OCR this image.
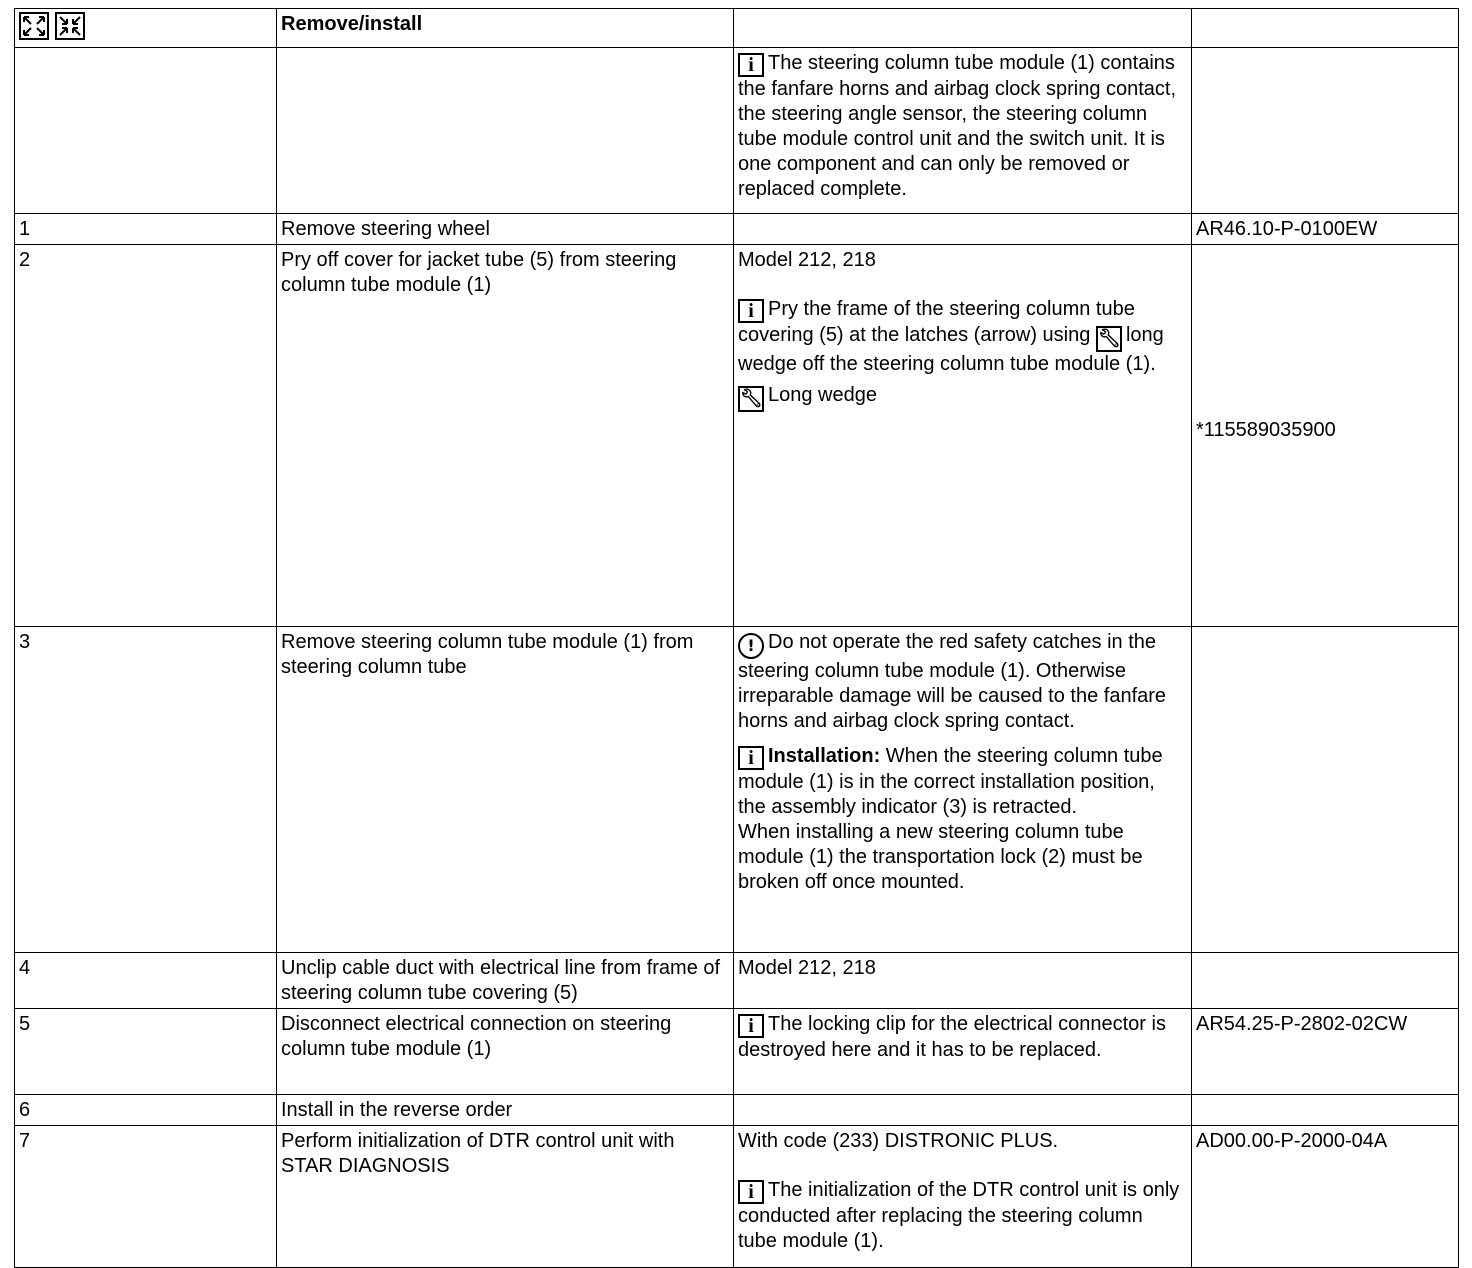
	Remove/install		

		i The steering column tube module (1) contains the fanfare horns and airbag clock spring contact, the steering angle sensor, the steering column tube module control unit and the switch unit. It is one component and can only be removed or replaced complete.	

1	Remove steering wheel		AR46.10-P-0100EW
2	Pry off cover for jacket tube (5) from steering column tube module (1)	Model 212, 218

i Pry the frame of the steering column tube covering (5) at the latches (arrow) using 🔧︎ long wedge off the steering column tube module (1).

🔧︎ Long wedge	*115589035900
3	Remove steering column tube module (1) from steering column tube	! Do not operate the red safety catches in the steering column tube module (1). Otherwise irreparable damage will be caused to the fanfare horns and airbag clock spring contact.

i Installation: When the steering column tube module (1) is in the correct installation position, the assembly indicator (3) is retracted.

When installing a new steering column tube module (1) the transportation lock (2) must be broken off once mounted.	

4	Unclip cable duct with electrical line from frame of steering column tube covering (5)	Model 212, 218	
5	Disconnect electrical connection on steering column tube module (1)	i The locking clip for the electrical connector is destroyed here and it has to be replaced.	AR54.25-P-2802-02CW
6	Install in the reverse order		
7	Perform initialization of DTR control unit with STAR DIAGNOSIS	With code (233) DISTRONIC PLUS.

i The initialization of the DTR control unit is only conducted after replacing the steering column tube module (1).	AD00.00-P-2000-04A
